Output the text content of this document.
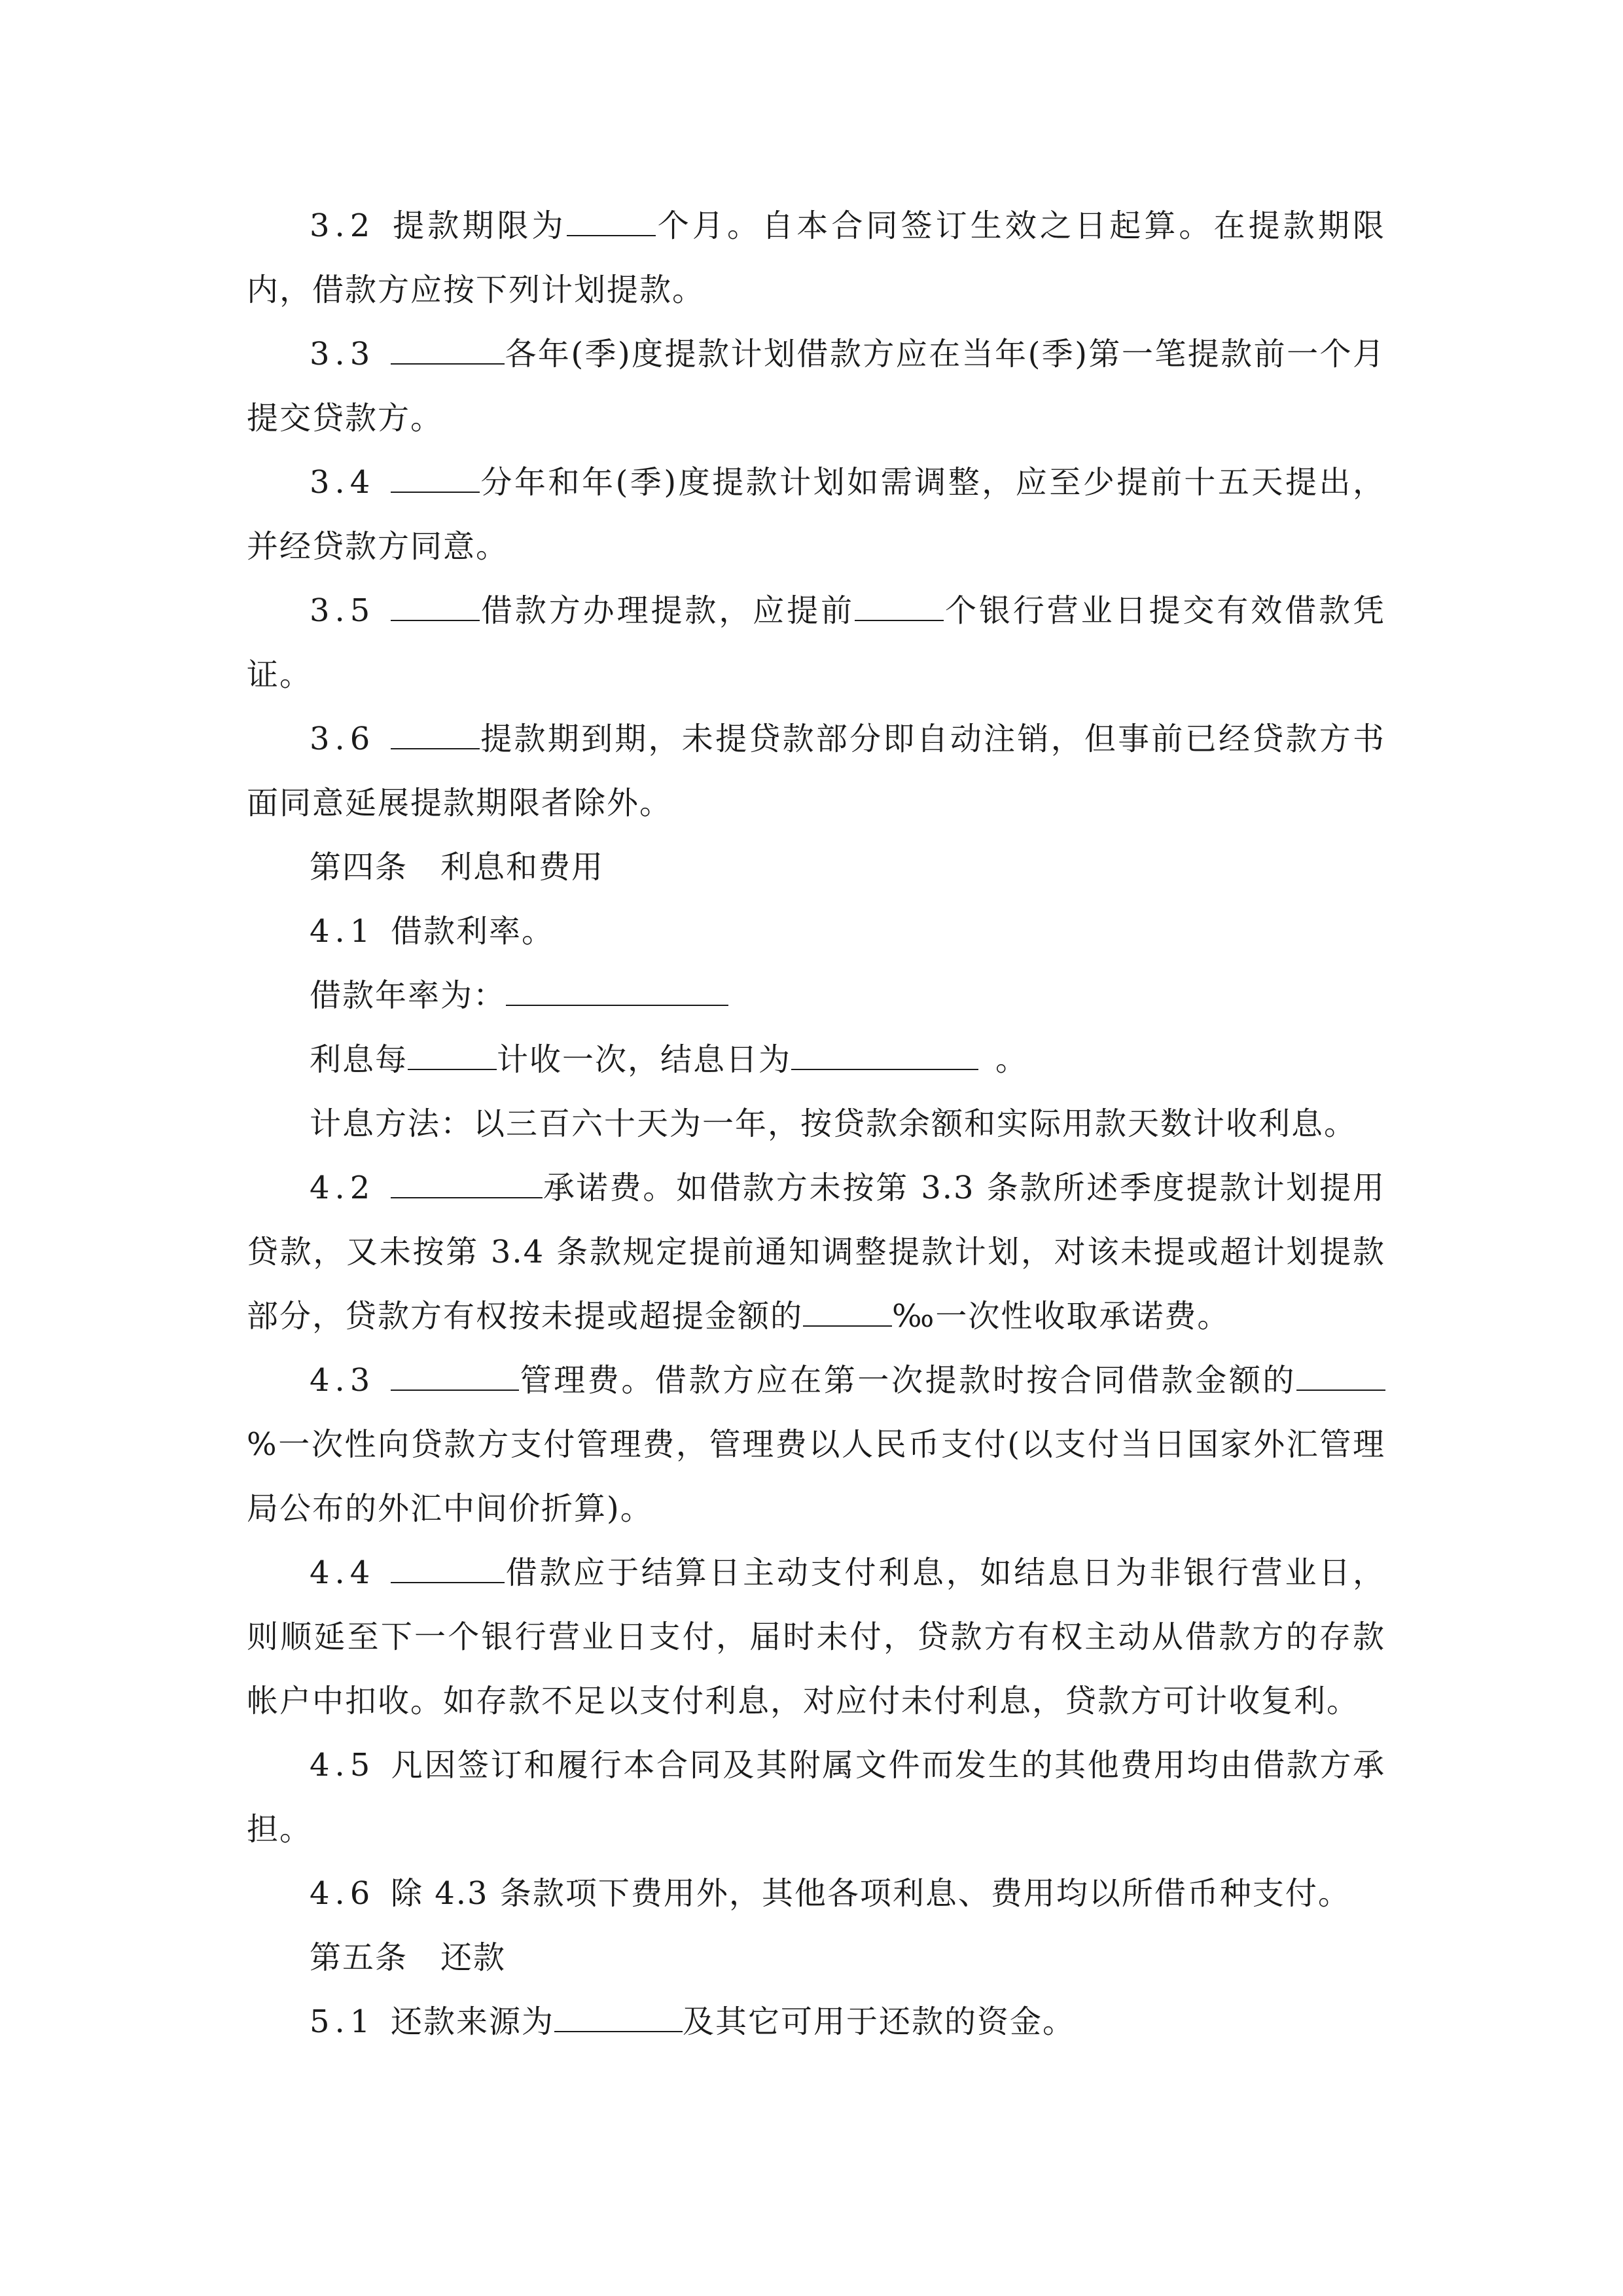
3.2 提款期限为	个月。自本合同签订生效之日起算。在提款期限内，借款方应按下列计划提款。

3.3	各年(季)度提款计划借款方应在当年(季)第一笔提款前一个月提交贷款方。

3.4	分年和年(季)度提款计划如需调整，应至少提前十五天提出，并经贷款方同意。

3.5	借款方办理提款，应提前	个银行营业日提交有效借款凭证。

3.6	提款期到期，未提贷款部分即自动注销，但事前已经贷款方书面同意延展提款期限者除外。

第四条  利息和费用

4.1 借款利率。

借款年率为：

利息每	计收一次，结息日为 	。

计息方法：以三百六十天为一年，按贷款余额和实际用款天数计收利息。

4.2	承诺费。如借款方未按第 3.3 条款所述季度提款计划提用贷款，又未按第 3.4 条款规定提前通知调整提款计划，对该未提或超计划提款部分，贷款方有权按未提或超提金额的	‰一次性收取承诺费。

4.3	管理费。借款方应在第一次提款时按合同借款金额的%一次性向贷款方支付管理费，管理费以人民币支付(以支付当日国家外汇管理局公布的外汇中间价折算)。

4.4	借款应于结算日主动支付利息，如结息日为非银行营业日，则顺延至下一个银行营业日支付，届时未付，贷款方有权主动从借款方的存款帐户中扣收。如存款不足以支付利息，对应付未付利息，贷款方可计收复利。

4.5 凡因签订和履行本合同及其附属文件而发生的其他费用均由借款方承担。

4.6 除 4.3 条款项下费用外，其他各项利息、费用均以所借币种支付。

第五条  还款

5.1 还款来源为	及其它可用于还款的资金。
